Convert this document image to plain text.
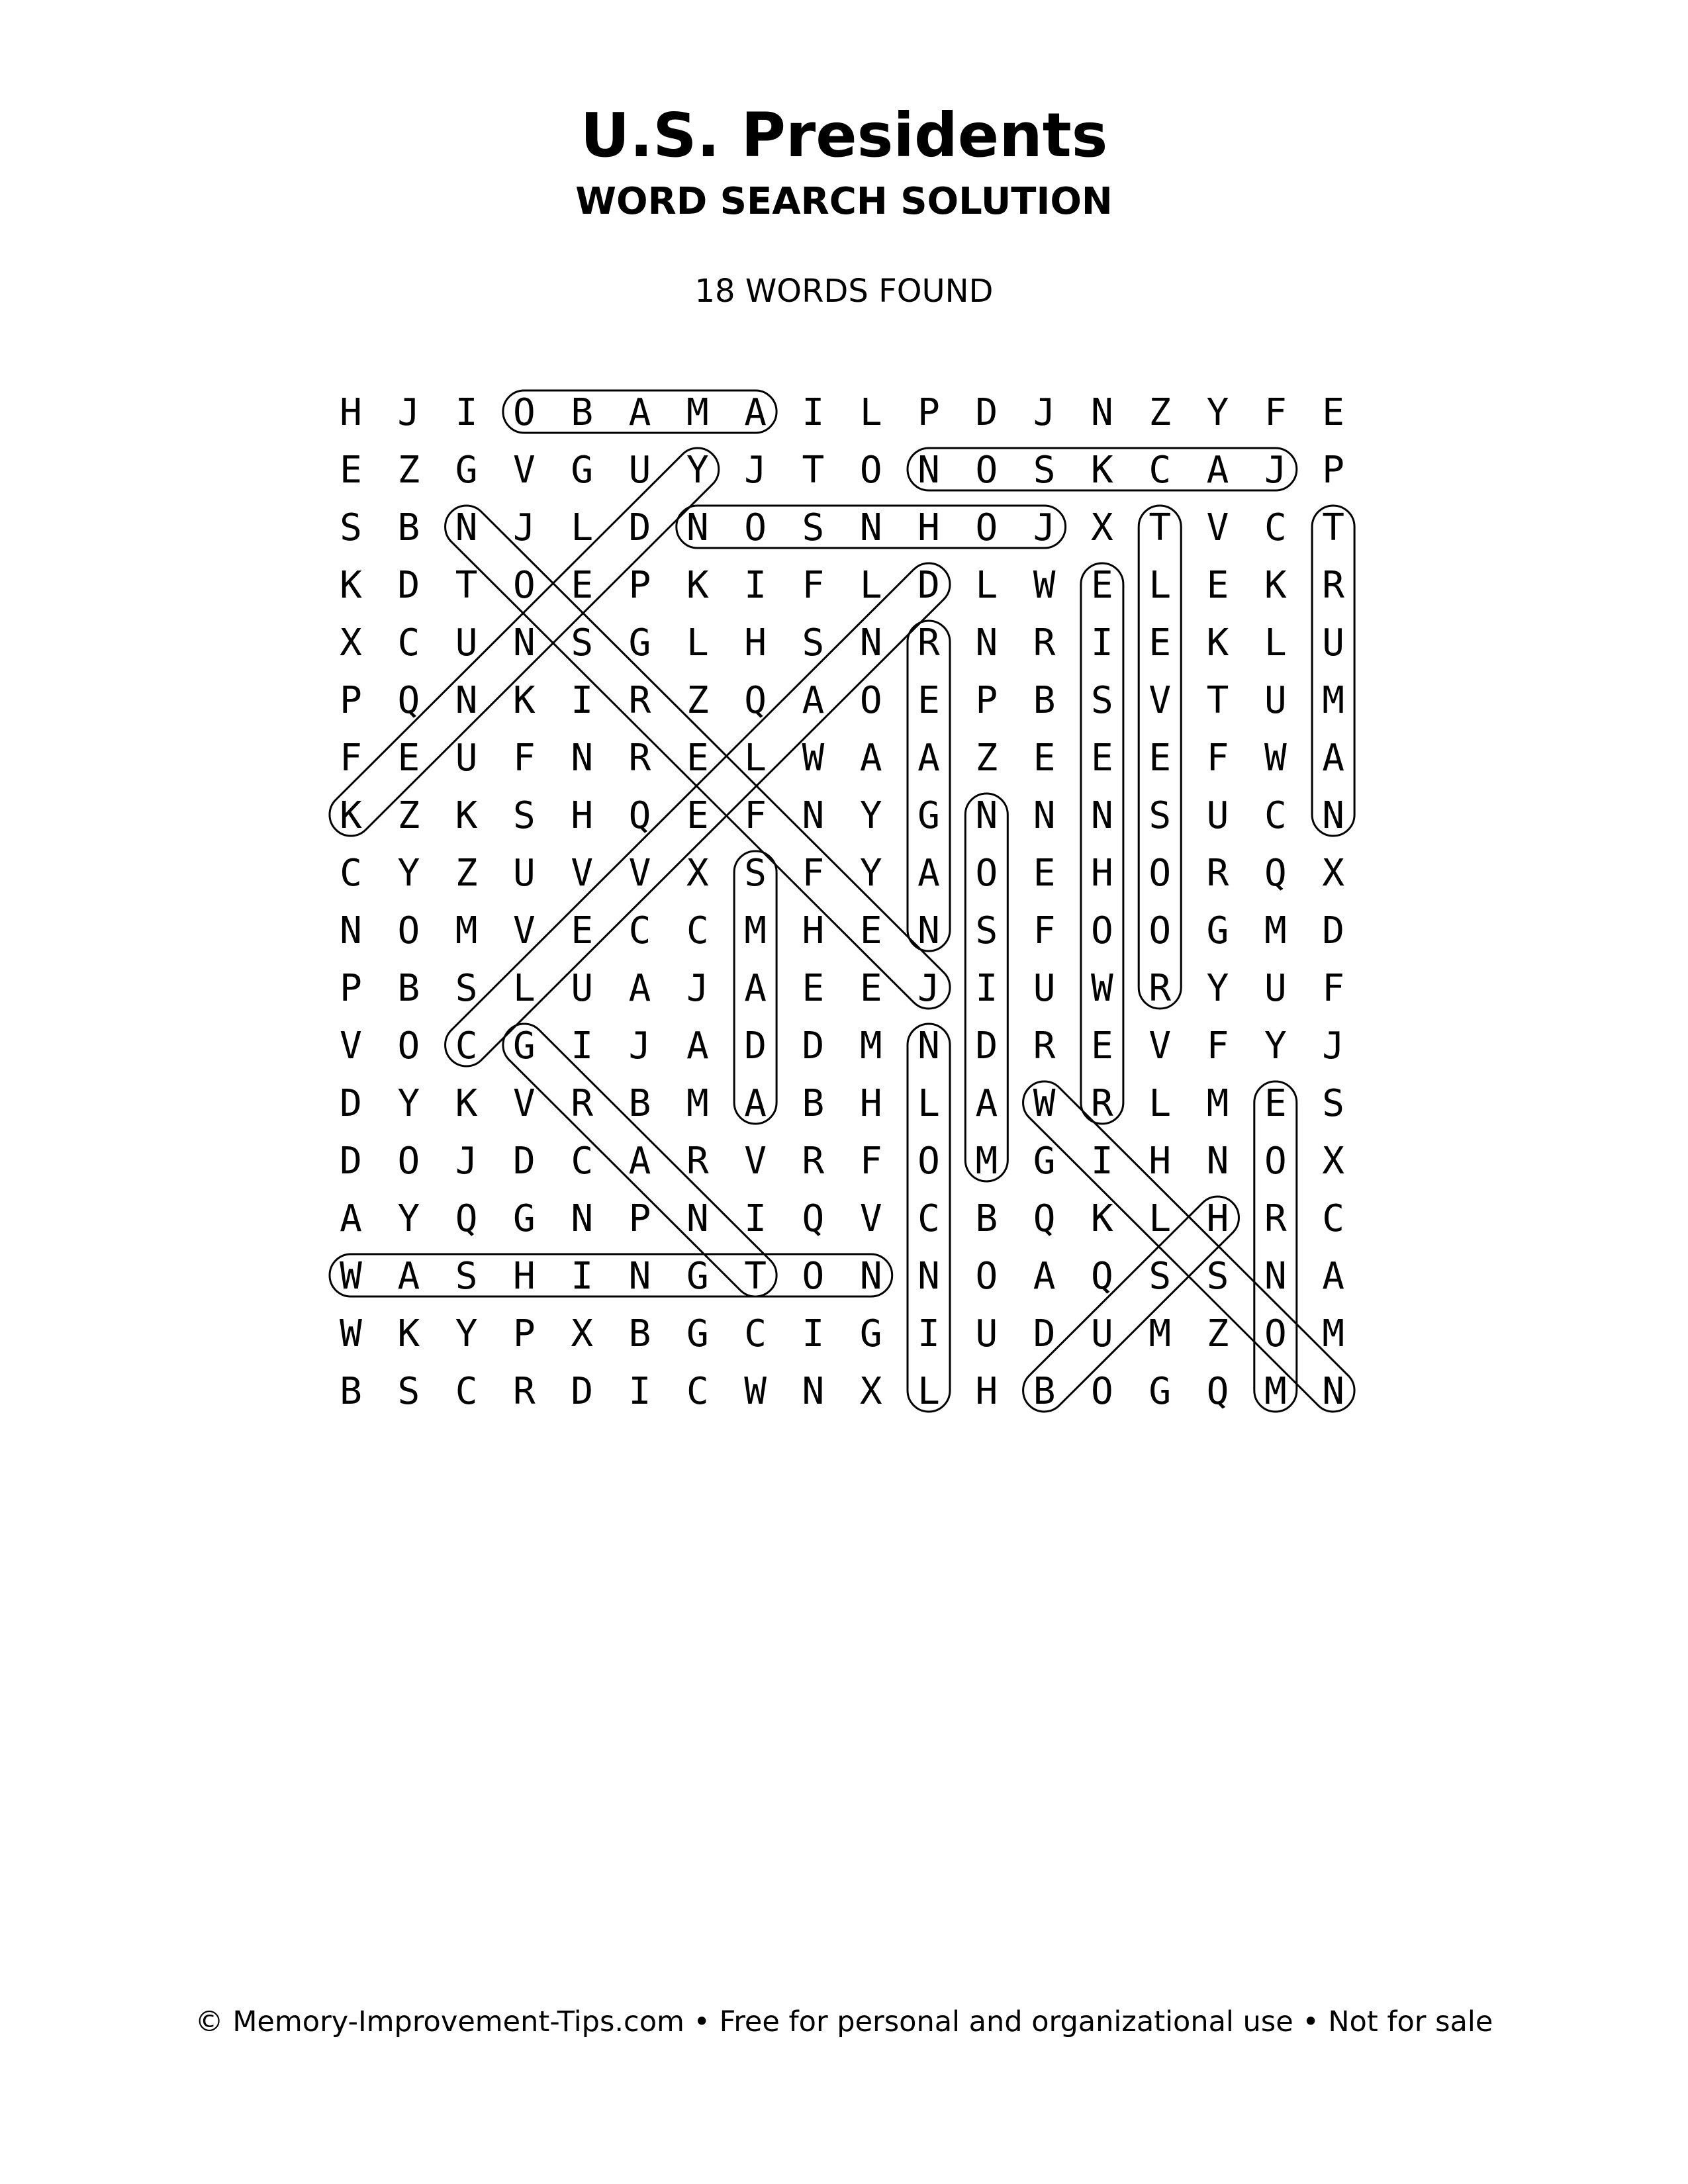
U.S. Presidents
WORD SEARCH SOLUTION
18 WORDS FOUND
H J I O B A M A I L P D J N Z Y F E
E Z G V G U Y J T O N O S K C A J P
S B N J L D N O S N H O J X T V C T
K D T O E P K I F L D L W E L E K R
X C U N S G L H S N R N R I E K L U
P Q N K I R Z Q A O E P B S V T U M
F E U F N R E L W A A Z E E E F W A
K Z K S H Q E F N Y G N N N S U C N
C Y Z U V V X S F Y A O E H O R Q X
N O M V E C C M H E N S F O O G M D
P B S L U A J A E E J I U W R Y U F
V O C G I J A D D M N D R E V F Y J
D Y K V R B M A B H L A W R L M E S
D O J D C A R V R F O M G I H N O X
A Y Q G N P N I Q V C B Q K L H R C
W A S H I N G T O N N O A Q S S N A
W K Y P X B G C I G I U D U M Z O M
B S C R D I C W N X L H B O G Q M N
© Memory-Improvement-Tips.com • Free for personal and organizational use • Not for sale
